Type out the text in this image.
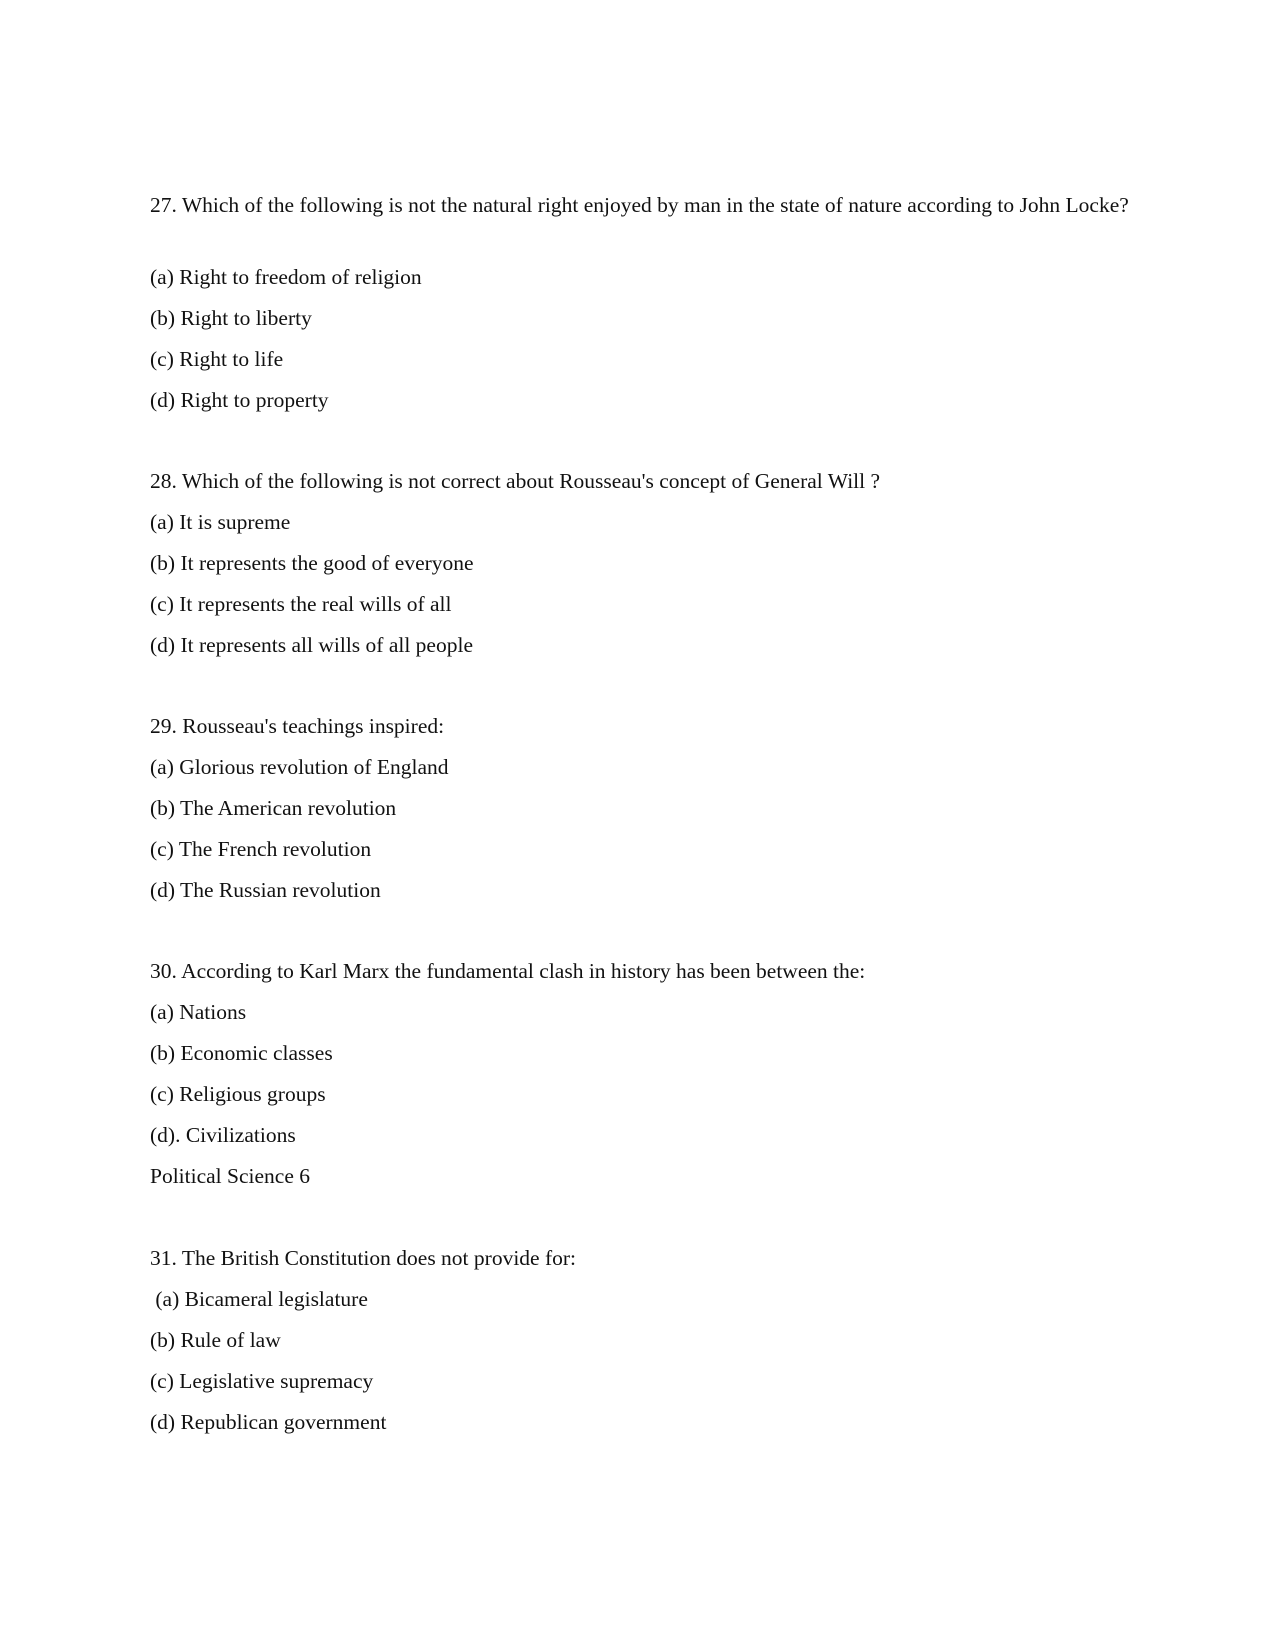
27. Which of the following is not the natural right enjoyed by man in the state of nature according to John Locke?
(a) Right to freedom of religion
(b) Right to liberty
(c) Right to life
(d) Right to property
28. Which of the following is not correct about Rousseau's concept of General Will ?
(a) It is supreme
(b) It represents the good of everyone
(c) It represents the real wills of all
(d) It represents all wills of all people
29. Rousseau's teachings inspired:
(a) Glorious revolution of England
(b) The American revolution
(c) The French revolution
(d) The Russian revolution
30. According to Karl Marx the fundamental clash in history has been between the:
(a) Nations
(b) Economic classes
(c) Religious groups
(d). Civilizations
Political Science 6
31. The British Constitution does not provide for:
(a) Bicameral legislature
(b) Rule of law
(c) Legislative supremacy
(d) Republican government
